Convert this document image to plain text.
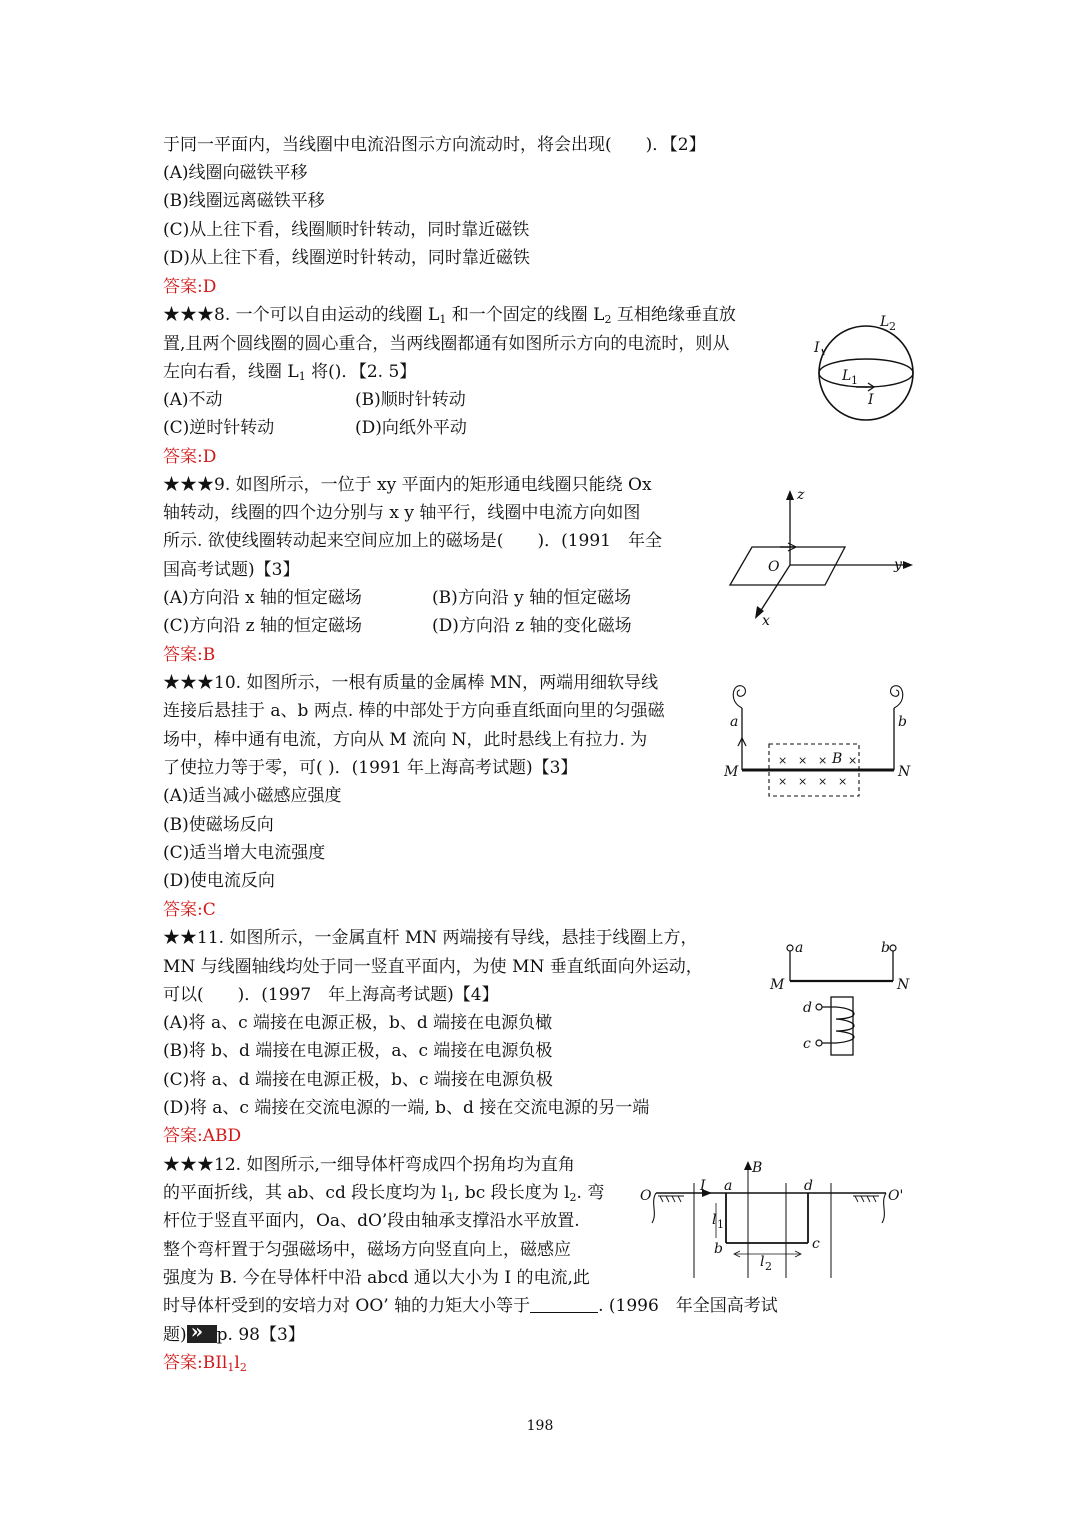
于同一平面内，当线圈中电流沿图示方向流动时，将会出现(　　)．【2】
(A)线圈向磁铁平移
(B)线圈远离磁铁平移
(C)从上往下看，线圈顺时针转动，同时靠近磁铁
(D)从上往下看，线圈逆时针转动，同时靠近磁铁
答案:D
★★★8. 一个可以自由运动的线圈 $L_1$ 和一个固定的线圈 $L_2$ 互相绝缘垂直放
置,且两个圆线圈的圆心重合，当两线圈都通有如图所示方向的电流时，则从
左向右看，线圈 $L_1$ 将()．【2. 5】
(A)不动	(B)顺时针转动
(C)逆时针转动	(D)向纸外平动
答案:D
L 2
I
L 1
I
★★★9. 如图所示，一位于 xy 平面内的矩形通电线圈只能绕 Ox
轴转动，线圈的四个边分别与 x y 轴平行，线圈中电流方向如图
所示. 欲使线圈转动起来空间应加上的磁场是(　　)．(1991　年全
国高考试题)【3】
(A)方向沿 x 轴的恒定磁场	(B)方向沿 y 轴的恒定磁场
(C)方向沿 z 轴的恒定磁场	(D)方向沿 z 轴的变化磁场
答案:B
z
y
x
O
★★★10. 如图所示，一根有质量的金属棒 MN，两端用细软导线
连接后悬挂于 a、b 两点. 棒的中部处于方向垂直纸面向里的匀强磁
场中，棒中通有电流，方向从 M 流向 N，此时悬线上有拉力. 为
了使拉力等于零，可( )．(1991 年上海高考试题)【3】
(A)适当减小磁感应强度
(B)使磁场反向
(C)适当增大电流强度
(D)使电流反向
答案:C
× × × ×
B
× × × ×
a	b
M	N
★★11. 如图所示，一金属直杆 MN 两端接有导线，悬挂于线圈上方，
MN 与线圈轴线均处于同一竖直平面内，为使 MN 垂直纸面向外运动，
可以(　　)．(1997　年上海高考试题)【4】
(A)将 a、c 端接在电源正极，b、d 端接在电源负橄
(B)将 b、d 端接在电源正极，a、c 端接在电源负极
(C)将 a、d 端接在电源正极，b、c 端接在电源负极
(D)将 a、c 端接在交流电源的一端, b、d 接在交流电源的另一端
答案:ABD
a	b
M	N
d
c
★★★12. 如图所示,一细导体杆弯成四个拐角均为直角
的平面折线，其 ab、cd 段长度均为 $l_1$, bc 段长度为 $l_2$. 弯
杆位于竖直平面内，Oa、dO’段由轴承支撑沿水平放置.
整个弯杆置于匀强磁场中，磁场方向竖直向上，磁感应
强度为 B. 今在导体杆中沿 abcd 通以大小为 I 的电流,此
时导体杆受到的安培力对 OO’ 轴的力矩大小等于	. (1996　年全国高考试
题)» p. 98【3】
答案$:BIl_1l_2$
O	O'
I a
B
d
l 1
b
l 2
c
198
